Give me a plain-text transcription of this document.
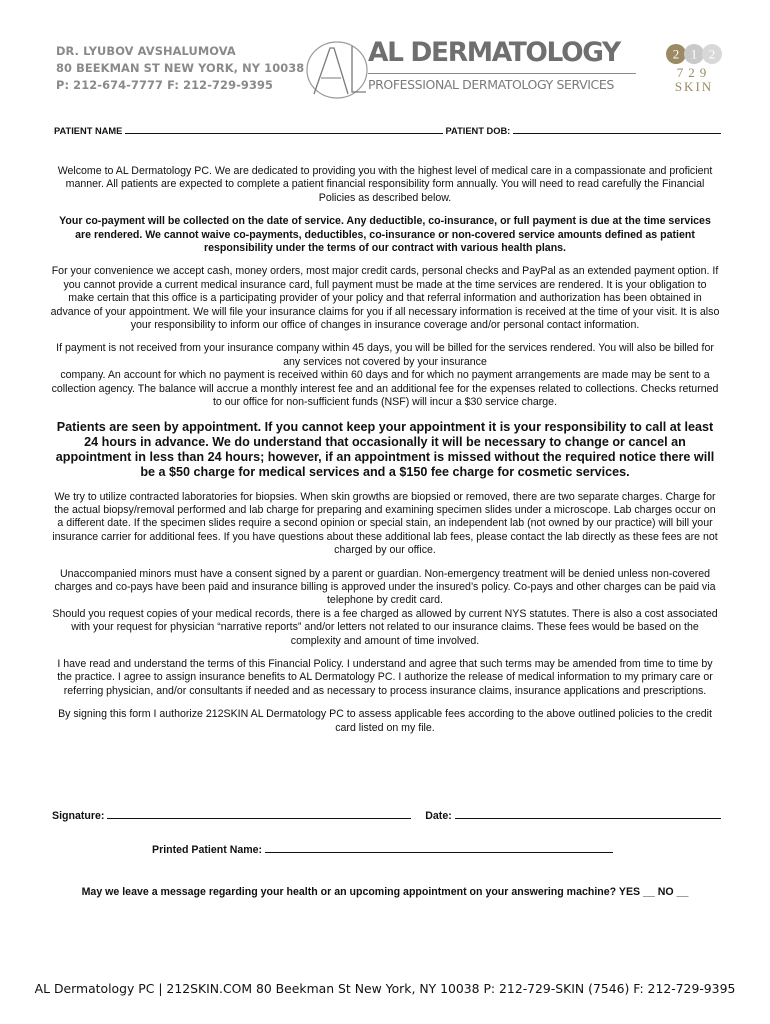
DR. LYUBOV AVSHALUMOVA
80 BEEKMAN ST NEW YORK, NY 10038
P: 212-674-7777 F: 212-729-9395
AL DERMATOLOGY
PROFESSIONAL DERMATOLOGY SERVICES
2 1 2
729
SKIN
PATIENT NAME	PATIENT DOB:

Welcome to AL Dermatology PC. We are dedicated to providing you with the highest level of medical care in a compassionate and proficient manner. All patients are expected to complete a patient financial responsibility form annually. You will need to read carefully the Financial Policies as described below.

Your co-payment will be collected on the date of service. Any deductible, co-insurance, or full payment is due at the time services are rendered. We cannot waive co-payments, deductibles, co-insurance or non-covered service amounts defined as patient responsibility under the terms of our contract with various health plans.

For your convenience we accept cash, money orders, most major credit cards, personal checks and PayPal as an extended payment option. If you cannot provide a current medical insurance card, full payment must be made at the time services are rendered. It is your obligation to make certain that this office is a participating provider of your policy and that referral information and authorization has been obtained in advance of your appointment. We will file your insurance claims for you if all necessary information is received at the time of your visit. It is also your responsibility to inform our office of changes in insurance coverage and/or personal contact information.

If payment is not received from your insurance company within 45 days, you will be billed for the services rendered. You will also be billed for any services not covered by your insurance
company. An account for which no payment is received within 60 days and for which no payment arrangements are made may be sent to a collection agency. The balance will accrue a monthly interest fee and an additional fee for the expenses related to collections. Checks returned to our office for non-sufficient funds (NSF) will incur a $30 service charge.

Patients are seen by appointment. If you cannot keep your appointment it is your responsibility to call at least 24 hours in advance. We do understand that occasionally it will be necessary to change or cancel an appointment in less than 24 hours; however, if an appointment is missed without the required notice there will be a $50 charge for medical services and a $150 fee charge for cosmetic services.

We try to utilize contracted laboratories for biopsies. When skin growths are biopsied or removed, there are two separate charges. Charge for the actual biopsy/removal performed and lab charge for preparing and examining specimen slides under a microscope. Lab charges occur on a different date. If the specimen slides require a second opinion or special stain, an independent lab (not owned by our practice) will bill your insurance carrier for additional fees. If you have questions about these additional lab fees, please contact the lab directly as these fees are not charged by our office.

Unaccompanied minors must have a consent signed by a parent or guardian. Non-emergency treatment will be denied unless non-covered charges and co-pays have been paid and insurance billing is approved under the insured’s policy. Co-pays and other charges can be paid via telephone by credit card.
Should you request copies of your medical records, there is a fee charged as allowed by current NYS statutes. There is also a cost associated with your request for physician “narrative reports” and/or letters not related to our insurance claims. These fees would be based on the complexity and amount of time involved.

I have read and understand the terms of this Financial Policy. I understand and agree that such terms may be amended from time to time by the practice. I agree to assign insurance benefits to AL Dermatology PC. I authorize the release of medical information to my primary care or referring physician, and/or consultants if needed and as necessary to process insurance claims, insurance applications and prescriptions.

By signing this form I authorize 212SKIN AL Dermatology PC to assess applicable fees according to the above outlined policies to the credit card listed on my file.

Signature:	Date:
Printed Patient Name:
May we leave a message regarding your health or an upcoming appointment on your answering machine? YES __ NO __
AL Dermatology PC | 212SKIN.COM 80 Beekman St New York, NY 10038 P: 212-729-SKIN (7546) F: 212-729-9395
